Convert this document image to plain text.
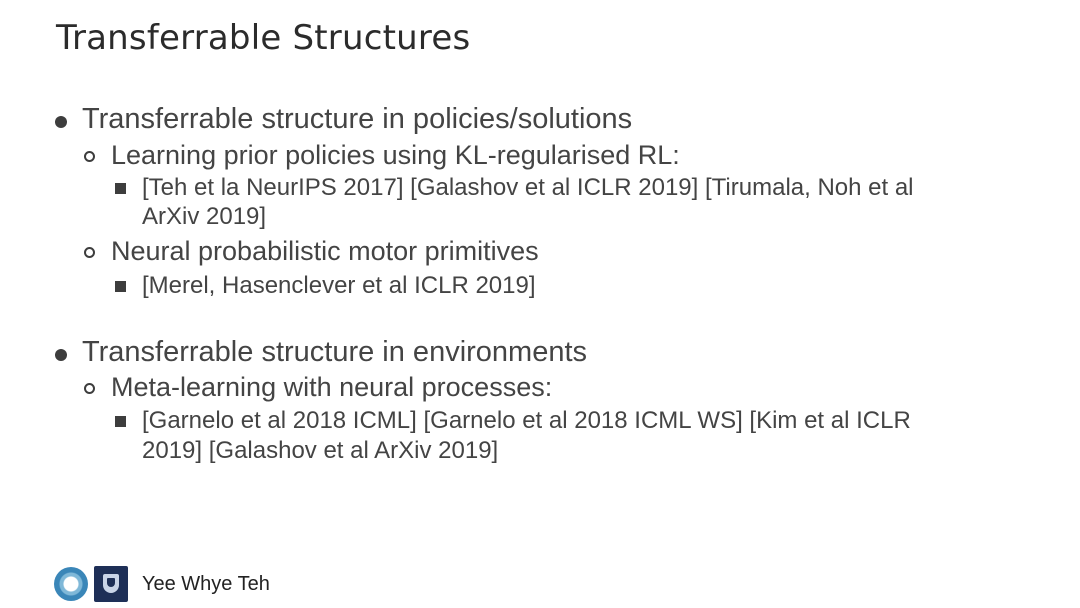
Transferrable Structures
Transferrable structure in policies/solutions
Learning prior policies using KL-regularised RL:
[Teh et la NeurIPS 2017] [Galashov et al ICLR 2019] [Tirumala, Noh et al
ArXiv 2019]
Neural probabilistic motor primitives
[Merel, Hasenclever et al ICLR 2019]
Transferrable structure in environments
Meta-learning with neural processes:
[Garnelo et al 2018 ICML] [Garnelo et al 2018 ICML WS] [Kim et al ICLR
2019] [Galashov et al ArXiv 2019]
Yee Whye Teh
